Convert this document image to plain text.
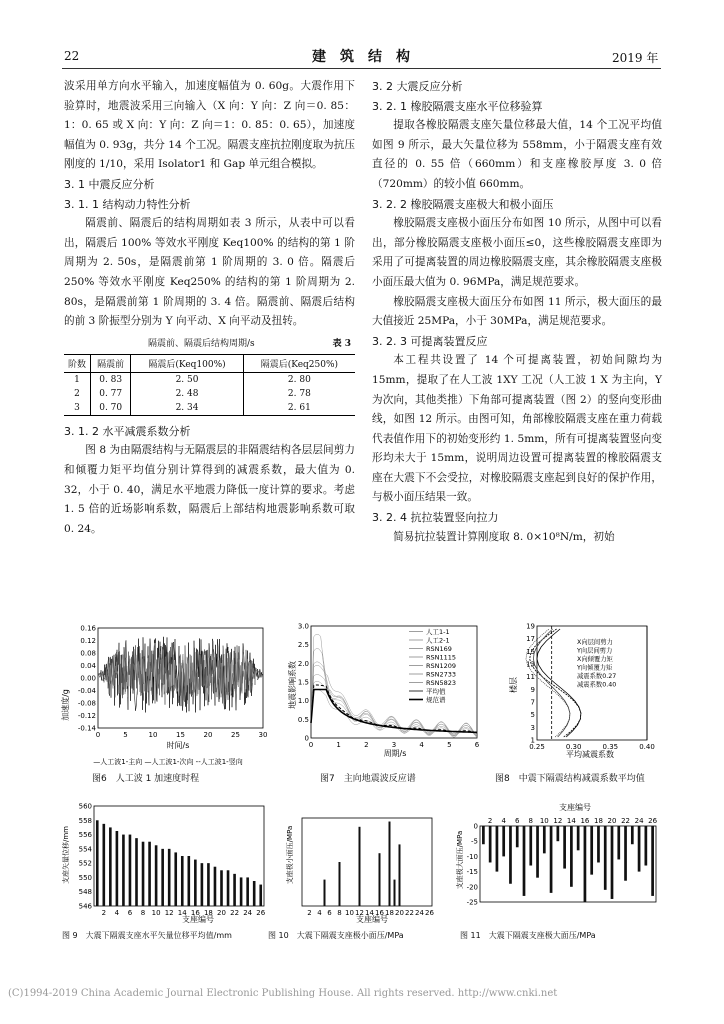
22	建　筑　结　构	2019 年

波采用单方向水平输入，加速度幅值为 0. 60g。大震作用下验算时，地震波采用三向输入（X 向：Y 向：Z 向＝0. 85：1：0. 65 或 X 向：Y 向：Z 向＝1：0. 85：0. 65），加速度幅值为 0. 93g，共分 14 个工况。隔震支座抗拉刚度取为抗压刚度的 1/10，采用 Isolator1 和 Gap 单元组合模拟。

3. 1 中震反应分析

3. 1. 1 结构动力特性分析

隔震前、隔震后的结构周期如表 3 所示，从表中可以看出，隔震后 100% 等效水平刚度 Keq100% 的结构的第 1 阶周期为 2. 50s，是隔震前第 1 阶周期的 3. 0 倍。隔震后 250% 等效水平刚度 Keq250% 的结构的第 1 阶周期为 2. 80s，是隔震前第 1 阶周期的 3. 4 倍。隔震前、隔震后结构的前 3 阶振型分别为 Y 向平动、X 向平动及扭转。

隔震前、隔震后结构周期/s	表 3
阶数	隔震前	隔震后(Keq100%)	隔震后(Keq250%)
1	0. 83	2. 50	2. 80
2	0. 77	2. 48	2. 78
3	0. 70	2. 34	2. 61

3. 1. 2 水平减震系数分析

图 8 为由隔震结构与无隔震层的非隔震结构各层层间剪力和倾覆力矩平均值分别计算得到的减震系数，最大值为 0. 32，小于 0. 40，满足水平地震力降低一度计算的要求。考虑 1. 5 倍的近场影响系数，隔震后上部结构地震影响系数可取 0. 24。

3. 2 大震反应分析

3. 2. 1 橡胶隔震支座水平位移验算

提取各橡胶隔震支座矢量位移最大值，14 个工况平均值如图 9 所示，最大矢量位移为 558mm，小于隔震支座有效直径的 0. 55 倍（660mm）和支座橡胶厚度 3. 0 倍（720mm）的较小值 660mm。

3. 2. 2 橡胶隔震支座极大和极小面压

橡胶隔震支座极小面压分布如图 10 所示，从图中可以看出，部分橡胶隔震支座极小面压≤0，这些橡胶隔震支座即为采用了可提离装置的周边橡胶隔震支座，其余橡胶隔震支座极小面压最大值为 0. 96MPa，满足规范要求。

橡胶隔震支座极大面压分布如图 11 所示，极大面压的最大值接近 25MPa，小于 30MPa，满足规范要求。

3. 2. 3 可提离装置反应

本工程共设置了 14 个可提离装置，初始间隙均为 15mm，提取了在人工波 1XY 工况（人工波 1 X 为主向，Y 为次向，其他类推）下角部可提离装置（图 2）的竖向变形曲线，如图 12 所示。由图可知，角部橡胶隔震支座在重力荷载代表值作用下的初始变形约 1. 5mm，所有可提离装置竖向变形均未大于 15mm，说明周边设置可提离装置的橡胶隔震支座在大震下不会受拉，对橡胶隔震支座起到良好的保护作用，与极小面压结果一致。

3. 2. 4 抗拉装置竖向拉力

简易抗拉装置计算刚度取 8. 0×10⁸N/m，初始

0.16
0.12
0.08
0.04
0.00
-0.04
-0.08
-0.12
-0.14
0	5	10	15	20	25	30
加速度/g
时间/s
—人工波1-主向 —人工波1-次向 --人工波1-竖向
图6　人工波 1 加速度时程
人工1-1
人工2-1
RSN169
RSN1115
RSN1209
RSN2733
RSN5823
平均值
规范谱
3.0
2.5
2.0
1.5
1.0
0.5
0
0	1	2	3	4	5	6
地震影响系数
周期/s
图7　主向地震波反应谱
X向层间剪力
Y向层间剪力
X向倾覆力矩
Y向倾覆力矩
减震系数0.27
减震系数0.40
19
17
15
13
11
9
7
5
3
1
0.25	0.30	0.35	0.40
楼层
平均减震系数
图8　中震下隔震结构减震系数平均值
2 4 6 8 10 12 14 16 18 20 22 24 26
560
558
556
554
552
550
548
546
支座矢量位移/mm
支座编号
图 9　大震下隔震支座水平矢量位移平均值/mm
2 4 6 8 10 12 14 16 18 20 22 24 26
支座极小面压/MPa
支座编号
图 10　大震下隔震支座极小面压/MPa
2 4 6 8 10 12 14 16 18 20 22 24 26
0
-5
-10
-15
-20
-25
支座极大面压/MPa
支座编号
图 11　大震下隔震支座极大面压/MPa
(C)1994-2019 China Academic Journal Electronic Publishing House. All rights reserved. http://www.cnki.net
